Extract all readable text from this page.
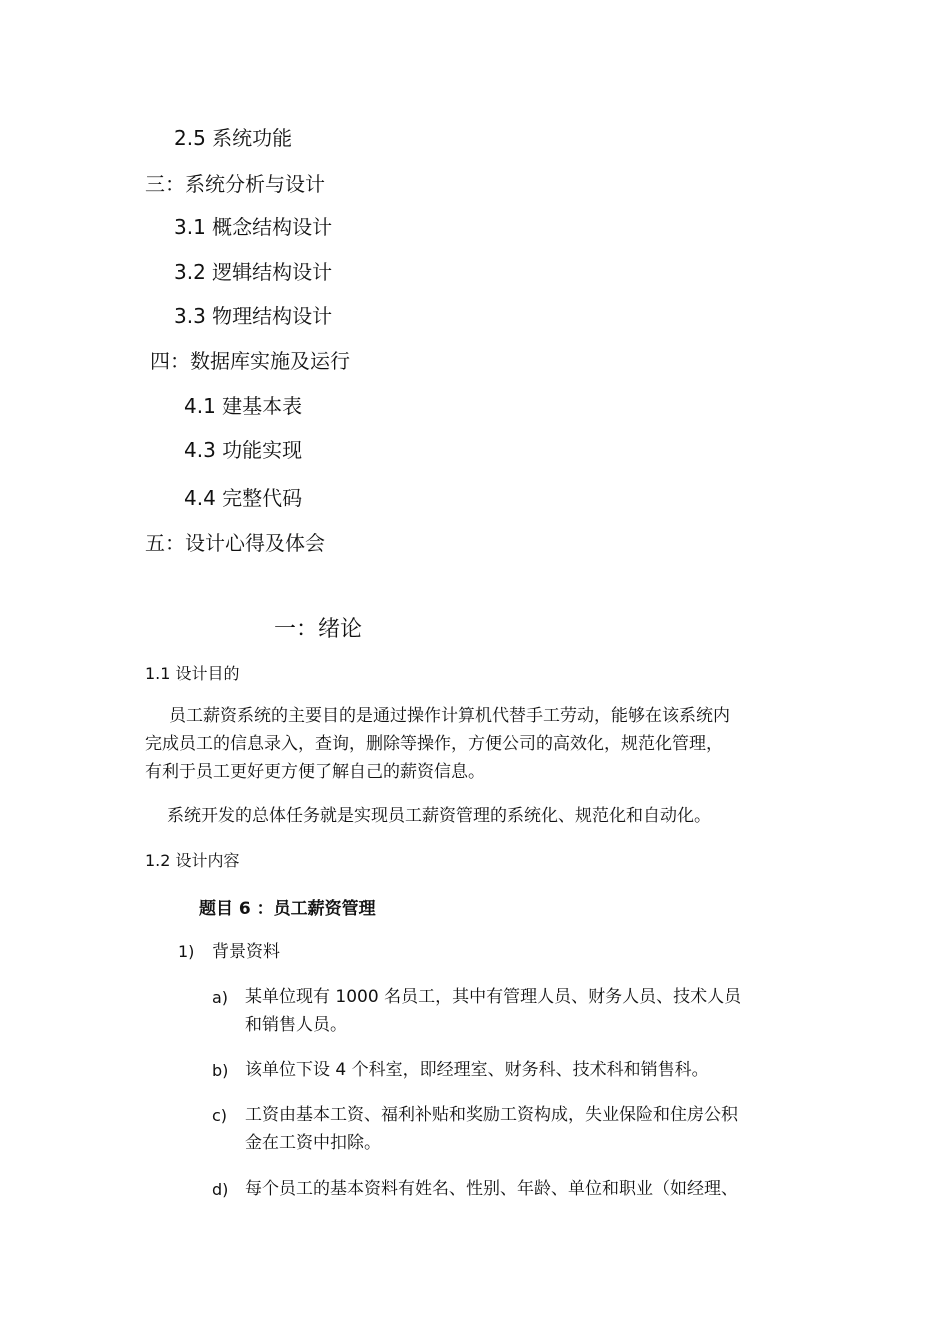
2.5 系统功能

三：系统分析与设计

3.1 概念结构设计

3.2 逻辑结构设计

3.3 物理结构设计

四：数据库实施及运行

4.1 建基本表

4.3 功能实现

4.4 完整代码

五：设计心得及体会

一：绪论

1.1 设计目的

员工薪资系统的主要目的是通过操作计算机代替手工劳动，能够在该系统内
完成员工的信息录入，查询，删除等操作，方便公司的高效化，规范化管理，
有利于员工更好更方便了解自己的薪资信息。

系统开发的总体任务就是实现员工薪资管理的系统化、规范化和自动化。

1.2 设计内容

题目 6 ：员工薪资管理

1) 背景资料

a) 某单位现有 1000 名员工，其中有管理人员、财务人员、技术人员
和销售人员。
b) 该单位下设 4 个科室，即经理室、财务科、技术科和销售科。
c) 工资由基本工资、福利补贴和奖励工资构成，失业保险和住房公积
金在工资中扣除。
d) 每个员工的基本资料有姓名、性别、年龄、单位和职业（如经理、
